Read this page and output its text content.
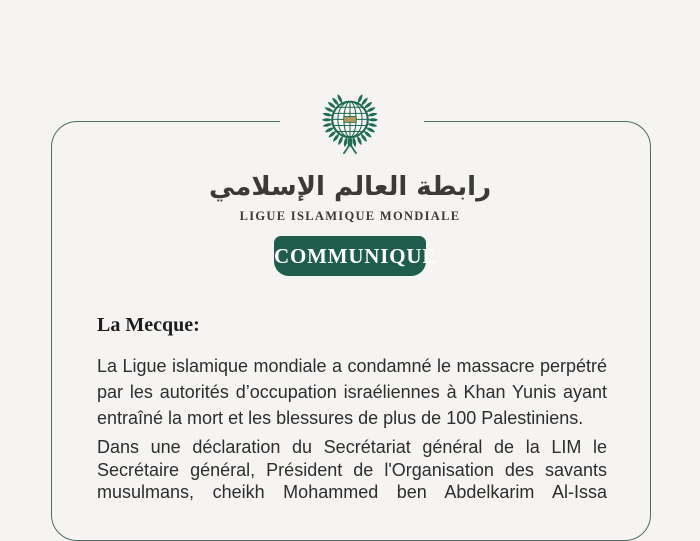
رابطة العالم الإسلامي
LIGUE ISLAMIQUE MONDIALE
COMMUNIQUE
La Mecque:
La Ligue islamique mondiale a condamné le massacre perpétré
par les autorités d’occupation israéliennes à Khan Yunis ayant
entraîné la mort et les blessures de plus de 100 Palestiniens.
Dans une déclaration du Secrétariat général de la LIM le
Secrétaire général, Président de l'Organisation des savants
musulmans, cheikh Mohammed ben Abdelkarim Al-Issa
